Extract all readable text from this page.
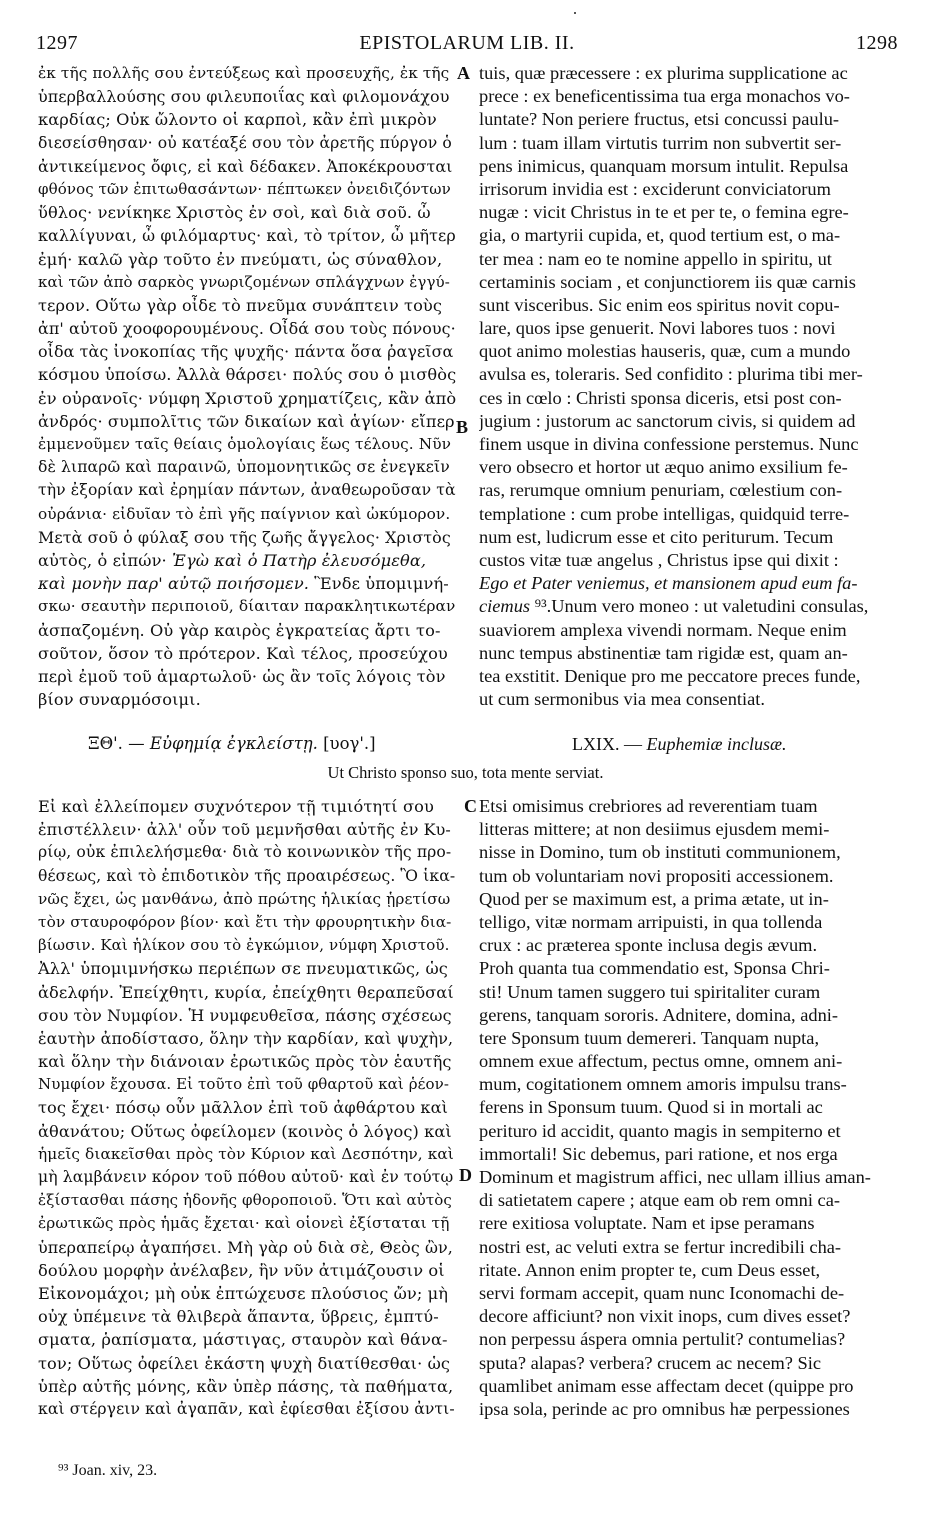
1297	EPISTOLARUM LIB. II.	1298
ἐκ τῆς πολλῆς σου ἐντεύξεως καὶ προσευχῆς, ἐκ τῆς
ὑπερβαλλούσης σου φιλευποιΐας καὶ φιλομονάχου
καρδίας; Οὐκ ὤλοντο οἱ καρποὶ, κἂν ἐπὶ μικρὸν
διεσείσθησαν· οὐ κατέαξέ σου τὸν ἀρετῆς πύργον ὁ
ἀντικείμενος ὄφις, εἰ καὶ δέδακεν. Ἀποκέκρουσται
φθόνος τῶν ἐπιτωθασάντων· πέπτωκεν ὀνειδιζόντων
ὕθλος· νενίκηκε Χριστὸς ἐν σοὶ, καὶ διὰ σοῦ. ὦ
καλλίγυναι, ὦ φιλόμαρτυς· καὶ, τὸ τρίτον, ὦ μῆτερ
ἐμή· καλῶ γὰρ τοῦτο ἐν πνεύματι, ὡς σύναθλον,
καὶ τῶν ἀπὸ σαρκὸς γνωριζομένων σπλάγχνων ἐγγύ-
τερον. Οὕτω γὰρ οἶδε τὸ πνεῦμα συνάπτειν τοὺς
ἀπ' αὐτοῦ χοοφορουμένους. Οἶδά σου τοὺς πόνους·
οἶδα τὰς ἰνοκοπίας τῆς ψυχῆς· πάντα ὅσα ῥαγεῖσα
κόσμου ὑποίσω. Ἀλλὰ θάρσει· πολύς σου ὁ μισθὸς
ἐν οὐρανοῖς· νύμφη Χριστοῦ χρηματίζεις, κἂν ἀπὸ
ἀνδρός· συμπολῖτις τῶν δικαίων καὶ ἁγίων· εἴπερ
ἐμμενοῦμεν ταῖς θείαις ὁμολογίαις ἕως τέλους. Νῦν
δὲ λιπαρῶ καὶ παραινῶ, ὑπομονητικῶς σε ἐνεγκεῖν
τὴν ἐξορίαν καὶ ἐρημίαν πάντων, ἀναθεωροῦσαν τὰ
οὐράνια· εἰδυῖαν τὸ ἐπὶ γῆς παίγνιον καὶ ὠκύμορον.
Μετὰ σοῦ ὁ φύλαξ σου τῆς ζωῆς ἄγγελος· Χριστὸς
αὐτὸς, ὁ εἰπών· Ἐγὼ καὶ ὁ Πατὴρ ἐλευσόμεθα,
καὶ μονὴν παρ' αὐτῷ ποιήσομεν. Ἓνδε ὑπομιμνή-
σκω· σεαυτὴν περιποιοῦ, δίαιταν παρακλητικωτέραν
ἀσπαζομένη. Οὐ γὰρ καιρὸς ἐγκρατείας ἄρτι το-
σοῦτον, ὅσον τὸ πρότερον. Καὶ τέλος, προσεύχου
περὶ ἐμοῦ τοῦ ἁμαρτωλοῦ· ὡς ἂν τοῖς λόγοις τὸν
βίον συναρμόσοιμι.
tuis, quæ præcessere : ex plurima supplicatione ac
prece : ex beneficentissima tua erga monachos vo-
luntate? Non periere fructus, etsi concussi paulu-
lum : tuam illam virtutis turrim non subvertit ser-
pens inimicus, quanquam morsum intulit. Repulsa
irrisorum invidia est : exciderunt conviciatorum
nugæ : vicit Christus in te et per te, o femina egre-
gia, o martyrii cupida, et, quod tertium est, o ma-
ter mea : nam eo te nomine appello in spiritu, ut
certaminis sociam , et conjunctiorem iis quæ carnis
sunt visceribus. Sic enim eos spiritus novit copu-
lare, quos ipse genuerit. Novi labores tuos : novi
quot animo molestias hauseris, quæ, cum a mundo
avulsa es, toleraris. Sed confidito : plurima tibi mer-
ces in cœlo : Christi sponsa diceris, etsi post con-
jugium : justorum ac sanctorum civis, si quidem ad
finem usque in divina confessione perstemus. Nunc
vero obsecro et hortor ut æquo animo exsilium fe-
ras, rerumque omnium penuriam, cœlestium con-
templatione : cum probe intelligas, quidquid terre-
num est, ludicrum esse et cito periturum. Tecum
custos vitæ tuæ angelus , Christus ipse qui dixit :
Ego et Pater veniemus, et mansionem apud eum fa-
ciemus ⁹³.Unum vero moneo : ut valetudini consulas,
suaviorem amplexa vivendi normam. Neque enim
nunc tempus abstinentiæ tam rigidæ est, quam an-
tea exstitit. Denique pro me peccatore preces funde,
ut cum sermonibus via mea consentiat.
A
B
ΞΘ'. — Εὐφημίᾳ ἐγκλείστῃ. [υογ'.]	LXIX. — Euphemiæ inclusæ.
Ut Christo sponso suo, tota mente serviat.
Εἰ καὶ ἐλλείπομεν συχνότερον τῇ τιμιότητί σου
ἐπιστέλλειν· ἀλλ' οὖν τοῦ μεμνῆσθαι αὐτῆς ἐν Κυ-
ρίῳ, οὐκ ἐπιλελήσμεθα· διὰ τὸ κοινωνικὸν τῆς προ-
θέσεως, καὶ τὸ ἐπιδοτικὸν τῆς προαιρέσεως. Ὃ ἱκα-
νῶς ἔχει, ὡς μανθάνω, ἀπὸ πρώτης ἡλικίας ᾑρετίσω
τὸν σταυροφόρον βίον· καὶ ἔτι τὴν φρουρητικὴν δια-
βίωσιν. Καὶ ἡλίκον σου τὸ ἐγκώμιον, νύμφη Χριστοῦ.
Ἀλλ' ὑπομιμνήσκω περιέπων σε πνευματικῶς, ὡς
ἀδελφήν. Ἐπείχθητι, κυρία, ἐπείχθητι θεραπεῦσαί
σου τὸν Νυμφίον. Ἡ νυμφευθεῖσα, πάσης σχέσεως
ἑαυτὴν ἀποδίστασο, ὅλην τὴν καρδίαν, καὶ ψυχὴν,
καὶ ὅλην τὴν διάνοιαν ἐρωτικῶς πρὸς τὸν ἑαυτῆς
Νυμφίον ἔχουσα. Εἰ τοῦτο ἐπὶ τοῦ φθαρτοῦ καὶ ῥέον-
τος ἔχει· πόσῳ οὖν μᾶλλον ἐπὶ τοῦ ἀφθάρτου καὶ
ἀθανάτου; Οὕτως ὀφείλομεν (κοινὸς ὁ λόγος) καὶ
ἡμεῖς διακεῖσθαι πρὸς τὸν Κύριον καὶ Δεσπότην, καὶ
μὴ λαμβάνειν κόρον τοῦ πόθου αὐτοῦ· καὶ ἐν τούτῳ
ἐξίστασθαι πάσης ἡδονῆς φθοροποιοῦ. Ὅτι καὶ αὐτὸς
ἐρωτικῶς πρὸς ἡμᾶς ἔχεται· καὶ οἱονεὶ ἐξίσταται τῇ
ὑπεραπείρῳ ἀγαπήσει. Μὴ γὰρ οὐ διὰ σὲ, Θεὸς ὢν,
δούλου μορφὴν ἀνέλαβεν, ἣν νῦν ἀτιμάζουσιν οἱ
Εἰκονομάχοι; μὴ οὐκ ἐπτώχευσε πλούσιος ὤν; μὴ
οὐχ ὑπέμεινε τὰ θλιβερὰ ἅπαντα, ὕβρεις, ἐμπτύ-
σματα, ῥαπίσματα, μάστιγας, σταυρὸν καὶ θάνα-
τον; Οὕτως ὀφείλει ἑκάστη ψυχὴ διατίθεσθαι· ὡς
ὑπὲρ αὐτῆς μόνης, κἂν ὑπὲρ πάσης, τὰ παθήματα,
καὶ στέργειν καὶ ἀγαπᾶν, καὶ ἐφίεσθαι ἐξίσου ἀντι-
Etsi omisimus crebriores ad reverentiam tuam
litteras mittere; at non desiimus ejusdem memi-
nisse in Domino, tum ob instituti communionem,
tum ob voluntariam novi propositi accessionem.
Quod per se maximum est, a prima ætate, ut in-
telligo, vitæ normam arripuisti, in qua tollenda
crux : ac præterea sponte inclusa degis ævum.
Proh quanta tua commendatio est, Sponsa Chri-
sti! Unum tamen suggero tui spiritaliter curam
gerens, tanquam sororis. Adnitere, domina, adni-
tere Sponsum tuum demereri. Tanquam nupta,
omnem exue affectum, pectus omne, omnem ani-
mum, cogitationem omnem amoris impulsu trans-
ferens in Sponsum tuum. Quod si in mortali ac
perituro id accidit, quanto magis in sempiterno et
immortali! Sic debemus, pari ratione, et nos erga
Dominum et magistrum affici, nec ullam illius aman-
di satietatem capere ; atque eam ob rem omni ca-
rere exitiosa voluptate. Nam et ipse peramans
nostri est, ac veluti extra se fertur incredibili cha-
ritate. Annon enim propter te, cum Deus esset,
servi formam accepit, quam nunc Iconomachi de-
decore afficiunt? non vixit inops, cum dives esset?
non perpessu áspera omnia pertulit? contumelias?
sputa? alapas? verbera? crucem ac necem? Sic
quamlibet animam esse affectam decet (quippe pro
ipsa sola, perinde ac pro omnibus hæ perpessiones
C
D
⁹³ Joan. xiv, 23.
